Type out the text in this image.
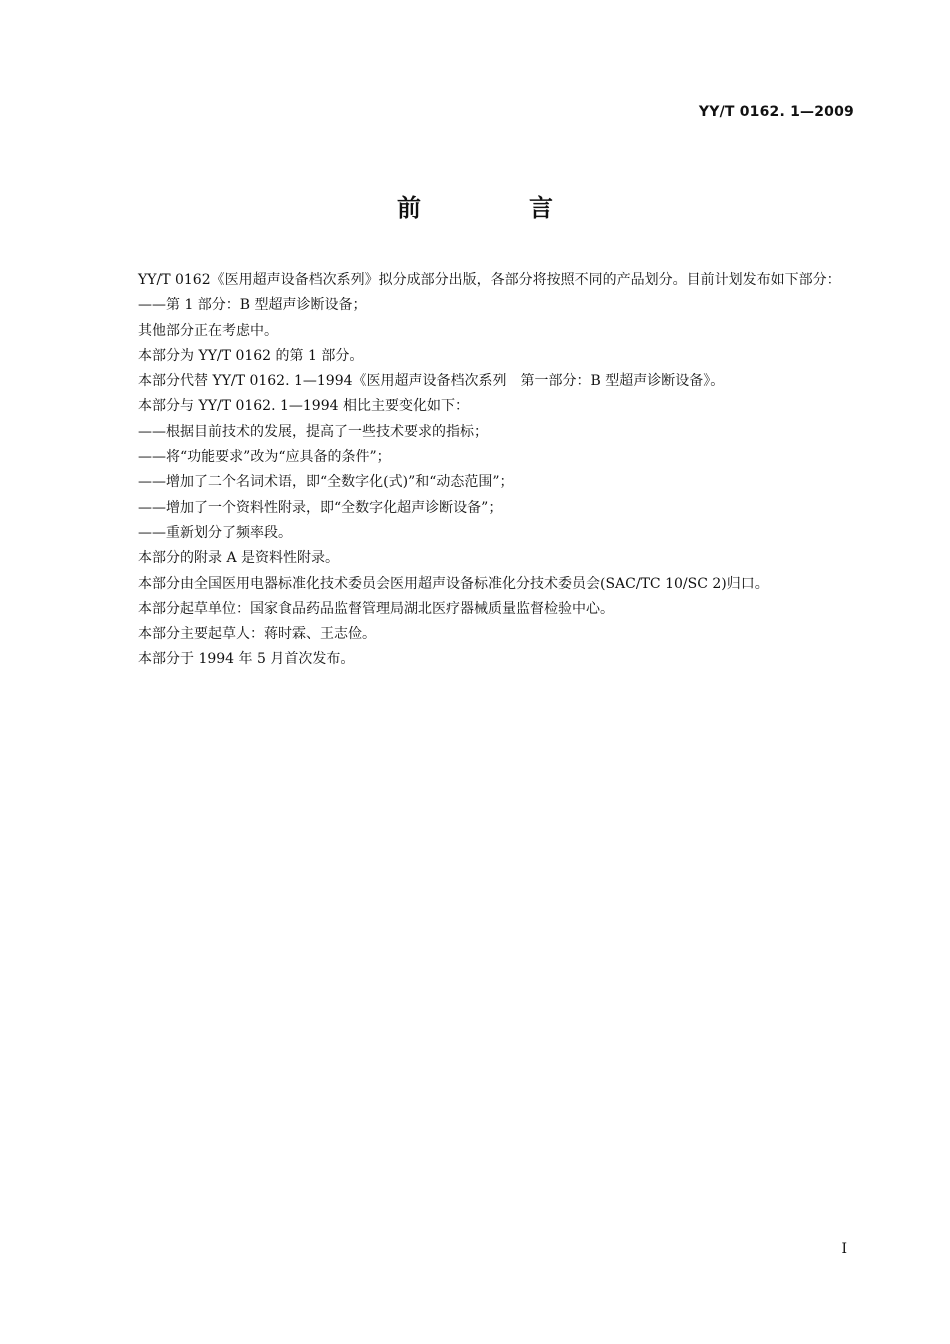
YY/T 0162. 1—2009
前　言

YY/T 0162《医用超声设备档次系列》拟分成部分出版，各部分将按照不同的产品划分。目前计划发布如下部分：

——第 1 部分：B 型超声诊断设备；

其他部分正在考虑中。

本部分为 YY/T 0162 的第 1 部分。

本部分代替 YY/T 0162. 1—1994《医用超声设备档次系列　第一部分：B 型超声诊断设备》。

本部分与 YY/T 0162. 1—1994 相比主要变化如下：

——根据目前技术的发展，提高了一些技术要求的指标；

——将“功能要求”改为“应具备的条件”；

——增加了二个名词术语，即“全数字化(式)”和“动态范围”；

——增加了一个资料性附录，即“全数字化超声诊断设备”；

——重新划分了频率段。

本部分的附录 A 是资料性附录。

本部分由全国医用电器标准化技术委员会医用超声设备标准化分技术委员会(SAC/TC 10/SC 2)归口。

本部分起草单位：国家食品药品监督管理局湖北医疗器械质量监督检验中心。

本部分主要起草人：蒋时霖、王志俭。

本部分于 1994 年 5 月首次发布。

I
